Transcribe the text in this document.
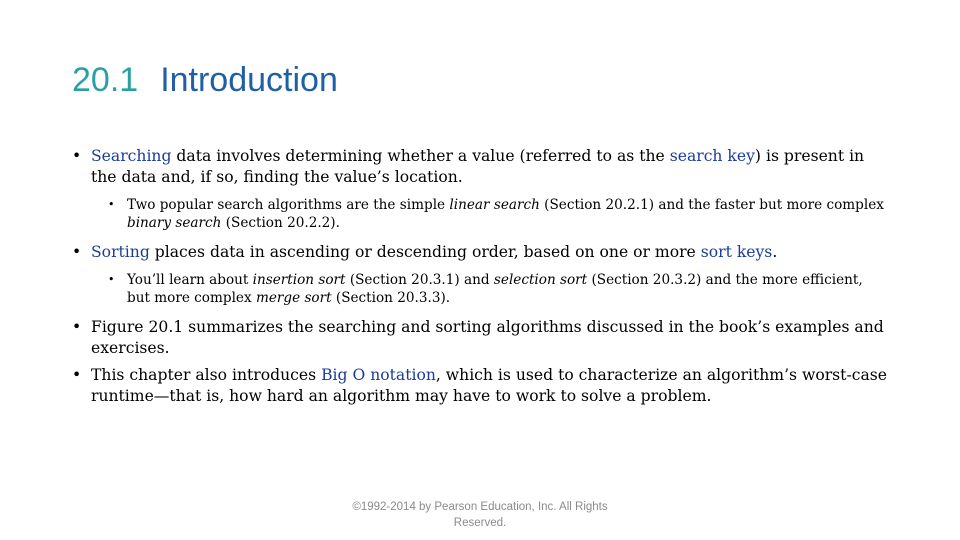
20.1 Introduction

• Searching data involves determining whether a value (referred to as the search key) is present in the data and, if so, finding the value’s location.

• Two popular search algorithms are the simple linear search (Section 20.2.1) and the faster but more complex binary search (Section 20.2.2).

• Sorting places data in ascending or descending order, based on one or more sort keys.

• You’ll learn about insertion sort (Section 20.3.1) and selection sort (Section 20.3.2) and the more efficient, but more complex merge sort (Section 20.3.3).

• Figure 20.1 summarizes the searching and sorting algorithms discussed in the book’s examples and exercises.

• This chapter also introduces Big O notation, which is used to characterize an algorithm’s worst-case runtime—that is, how hard an algorithm may have to work to solve a problem.

©1992-2014 by Pearson Education, Inc. All Rights
Reserved.
